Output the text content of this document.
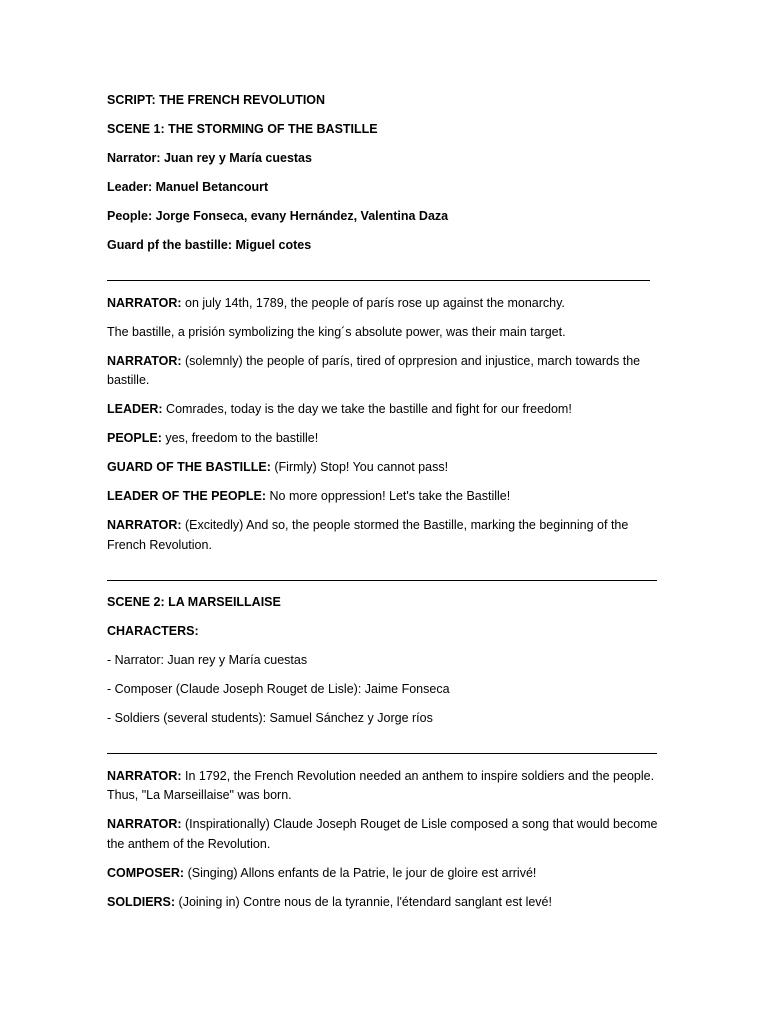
SCRIPT: THE FRENCH REVOLUTION

SCENE 1: THE STORMING OF THE BASTILLE

Narrator: Juan rey y María cuestas

Leader: Manuel Betancourt

People: Jorge Fonseca, evany Hernández, Valentina Daza

Guard pf the bastille: Miguel cotes

NARRATOR: on july 14th, 1789, the people of parís rose up against the monarchy.

The bastille, a prisión symbolizing the king´s absolute power, was their main target.

NARRATOR: (solemnly) the people of parís, tired of oprpresion and injustice, march towards the bastille.

LEADER: Comrades, today is the day we take the bastille and fight for our freedom!

PEOPLE: yes, freedom to the bastille!

GUARD OF THE BASTILLE: (Firmly) Stop! You cannot pass!

LEADER OF THE PEOPLE: No more oppression! Let's take the Bastille!

NARRATOR: (Excitedly) And so, the people stormed the Bastille, marking the beginning of the French Revolution.

SCENE 2: LA MARSEILLAISE

CHARACTERS:

- Narrator: Juan rey y María cuestas

- Composer (Claude Joseph Rouget de Lisle): Jaime Fonseca

- Soldiers (several students): Samuel Sánchez y Jorge ríos

NARRATOR: In 1792, the French Revolution needed an anthem to inspire soldiers and the people. Thus, "La Marseillaise" was born.

NARRATOR: (Inspirationally) Claude Joseph Rouget de Lisle composed a song that would become the anthem of the Revolution.

COMPOSER: (Singing) Allons enfants de la Patrie, le jour de gloire est arrivé!

SOLDIERS: (Joining in) Contre nous de la tyrannie, l'étendard sanglant est levé!
